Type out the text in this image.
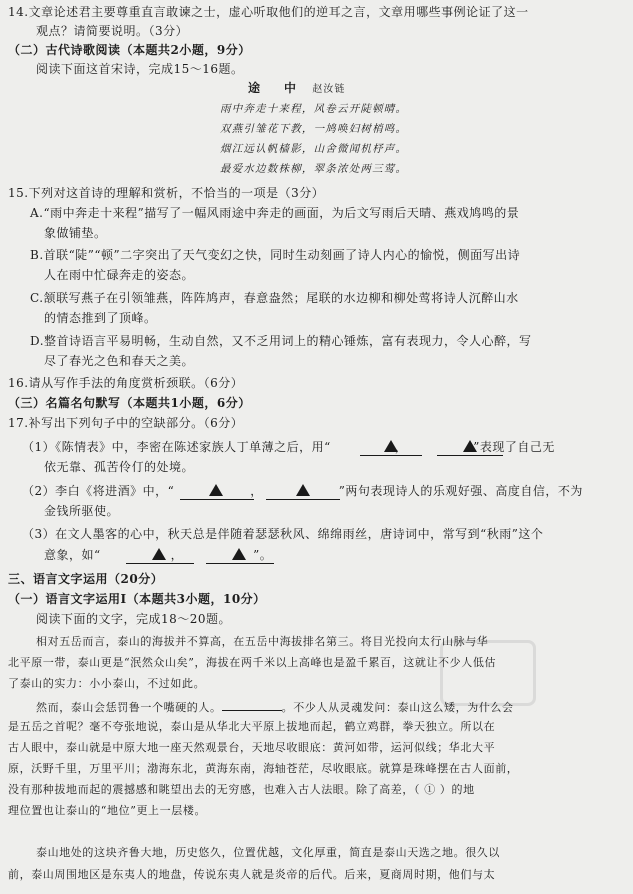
14.文章论述君主要尊重直言敢谏之士，虚心听取他们的逆耳之言，文章用哪些事例论证了这一
观点？请简要说明。（3分）
（二）古代诗歌阅读（本题共2小题，9分）
阅读下面这首宋诗，完成15～16题。
途　中 赵汝链
雨中奔走十来程，风卷云开陡顿晴。
双燕引雏花下教，一鸠唤妇树梢鸣。
烟江远认帆樯影，山舍微闻机杼声。
最爱水边数株柳，翠条浓处两三莺。
15.下列对这首诗的理解和赏析，不恰当的一项是（3分）
A.“雨中奔走十来程”描写了一幅风雨途中奔走的画面，为后文写雨后天晴、燕戏鸠鸣的景
象做铺垫。
B.首联“陡”“顿”二字突出了天气变幻之快，同时生动刻画了诗人内心的愉悦，侧面写出诗
人在雨中忙碌奔走的姿态。
C.颔联写燕子在引领雏燕，阵阵鸠声，春意盎然；尾联的水边柳和柳处莺将诗人沉醉山水
的情态推到了顶峰。
D.整首诗语言平易明畅，生动自然，又不乏用词上的精心锤炼，富有表现力，令人心醉，写
尽了春光之色和春天之美。
16.请从写作手法的角度赏析颈联。（6分）
（三）名篇名句默写（本题共1小题，6分）
17.补写出下列句子中的空缺部分。（6分）
（1）《陈情表》中，李密在陈述家族人丁单薄之后，用“	，	”表现了自己无
依无靠、孤苦伶仃的处境。
（2）李白《将进酒》中，“	，	”两句表现诗人的乐观好强、高度自信，不为
金钱所驱使。
（3）在文人墨客的心中，秋天总是伴随着瑟瑟秋风、绵绵雨丝，唐诗词中，常写到“秋雨”这个
意象，如“	，	”。
三、语言文字运用（20分）
（一）语言文字运用Ⅰ（本题共3小题，10分）
阅读下面的文字，完成18～20题。
相对五岳而言，泰山的海拔并不算高，在五岳中海拔排名第三。将目光投向太行山脉与华
北平原一带，泰山更是“泯然众山矣”，海拔在两千米以上高峰也是盈千累百，这就让不少人低估
了泰山的实力：小小泰山，不过如此。
然而，泰山会恁罚鲁一个嘴硬的人。	。不少人从灵魂发问：泰山这么矮，为什么会
是五岳之首呢？毫不夸张地说，泰山是从华北大平原上拔地而起，鹤立鸡群，拳天独立。所以在
古人眼中，泰山就是中原大地一座天然观景台，天地尽收眼底：黄河如带，运河似线；华北大平
原，沃野千里，万里平川；渤海东北，黄海东南，海轴苍茫，尽收眼底。就算是珠峰摆在古人面前，
没有那种拔地而起的震撼感和眺望出去的无穷感，也难入古人法眼。除了高差，（ ① ）的地
理位置也让泰山的“地位”更上一层楼。
泰山地处的这块齐鲁大地，历史悠久，位置优越，文化厚重，简直是泰山天选之地。很久以
前，泰山周围地区是东夷人的地盘，传说东夷人就是炎帝的后代。后来，夏商周时期，他们与太
